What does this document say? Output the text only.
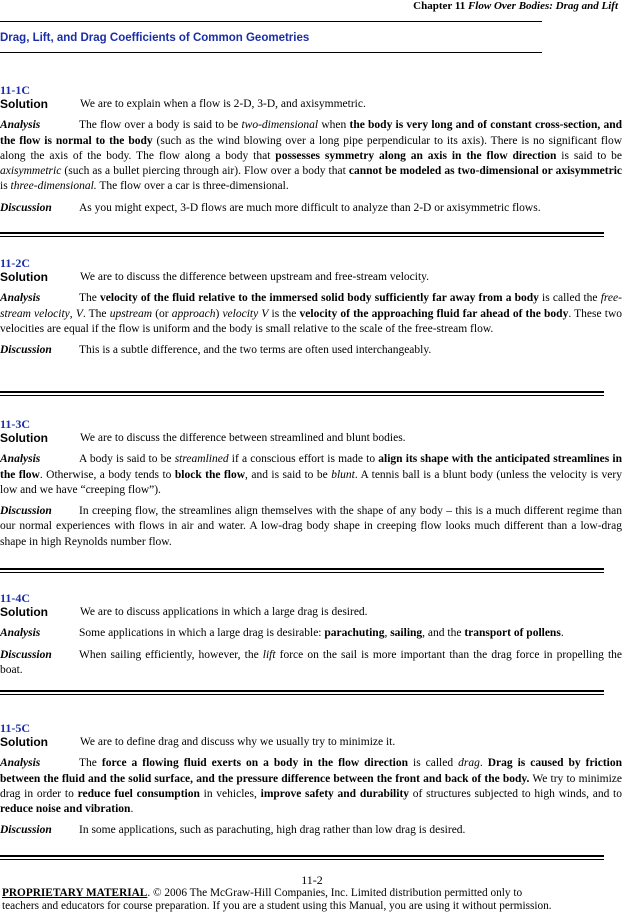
Chapter 11 Flow Over Bodies: Drag and Lift
Drag, Lift, and Drag Coefficients of Common Geometries
11-1C
Solution	We are to explain when a flow is 2-D, 3-D, and axisymmetric.

Analysis	The flow over a body is said to be two-dimensional when the body is very long and of constant cross-section, and the flow is normal to the body (such as the wind blowing over a long pipe perpendicular to its axis). There is no significant flow along the axis of the body. The flow along a body that possesses symmetry along an axis in the flow direction is said to be axisymmetric (such as a bullet piercing through air). Flow over a body that cannot be modeled as two-dimensional or axisymmetric is three-dimensional. The flow over a car is three-dimensional.

Discussion As you might expect, 3-D flows are much more difficult to analyze than 2-D or axisymmetric flows.

11-2C
Solution	We are to discuss the difference between upstream and free-stream velocity.

Analysis	The velocity of the fluid relative to the immersed solid body sufficiently far away from a body is called the free-stream velocity, V. The upstream (or approach) velocity V is the velocity of the approaching fluid far ahead of the body. These two velocities are equal if the flow is uniform and the body is small relative to the scale of the free-stream flow.

Discussion This is a subtle difference, and the two terms are often used interchangeably.

11-3C
Solution	We are to discuss the difference between streamlined and blunt bodies.

Analysis	A body is said to be streamlined if a conscious effort is made to align its shape with the anticipated streamlines in the flow. Otherwise, a body tends to block the flow, and is said to be blunt. A tennis ball is a blunt body (unless the velocity is very low and we have “creeping flow”).

Discussion In creeping flow, the streamlines align themselves with the shape of any body – this is a much different regime than our normal experiences with flows in air and water. A low-drag body shape in creeping flow looks much different than a low-drag shape in high Reynolds number flow.

11-4C
Solution	We are to discuss applications in which a large drag is desired.

Analysis	Some applications in which a large drag is desirable: parachuting, sailing, and the transport of pollens.

Discussion When sailing efficiently, however, the lift force on the sail is more important than the drag force in propelling the boat.

11-5C
Solution	We are to define drag and discuss why we usually try to minimize it.

Analysis	The force a flowing fluid exerts on a body in the flow direction is called drag. Drag is caused by friction between the fluid and the solid surface, and the pressure difference between the front and back of the body. We try to minimize drag in order to reduce fuel consumption in vehicles, improve safety and durability of structures subjected to high winds, and to reduce noise and vibration.

Discussion In some applications, such as parachuting, high drag rather than low drag is desired.

11-2
PROPRIETARY MATERIAL. © 2006 The McGraw-Hill Companies, Inc. Limited distribution permitted only to
teachers and educators for course preparation. If you are a student using this Manual, you are using it without permission.
